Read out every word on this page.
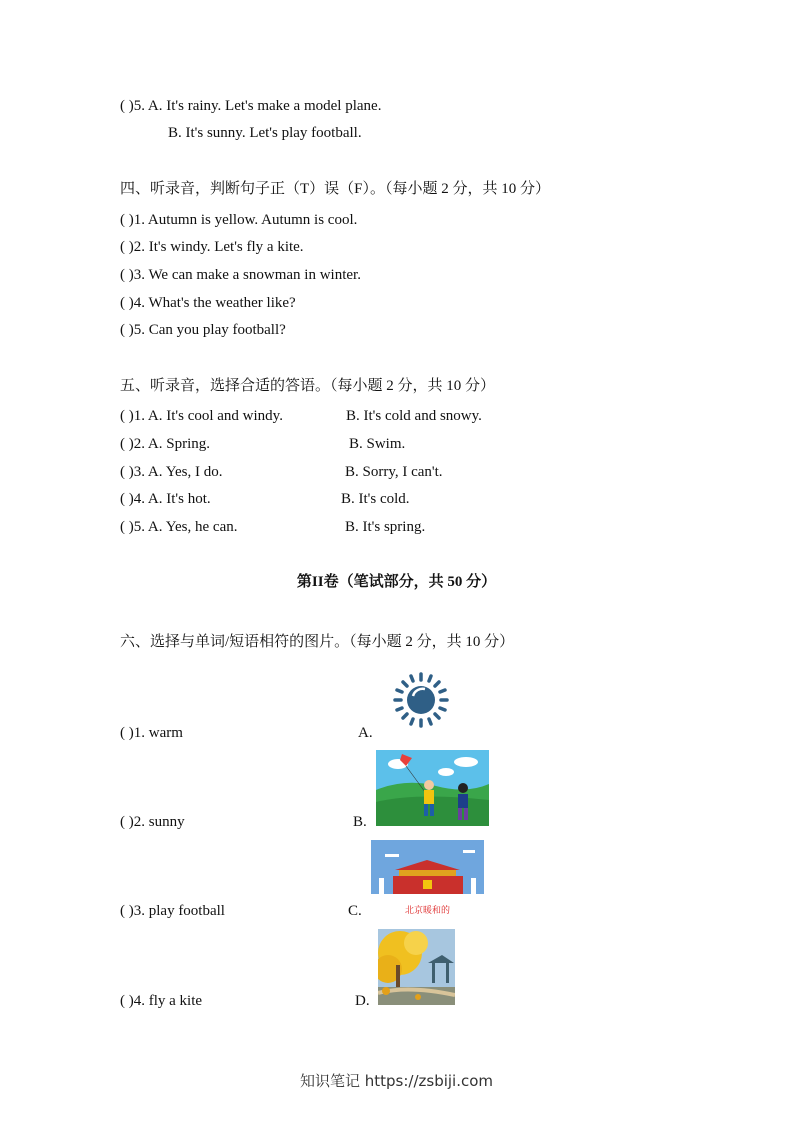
( )5. A. It's rainy. Let's make a model plane.
B. It's sunny. Let's play football.
四、听录音，判断句子正（T）误（F）。（每小题 2 分，共 10 分）
( )1. Autumn is yellow. Autumn is cool.
( )2. It's windy. Let's fly a kite.
( )3. We can make a snowman in winter.
( )4. What's the weather like?
( )5. Can you play football?
五、听录音，选择合适的答语。（每小题 2 分，共 10 分）
( )1. A. It's cool and windy.	B. It's cold and snowy.
( )2. A. Spring.	B. Swim.
( )3. A. Yes, I do.	B. Sorry, I can't.
( )4. A. It's hot.	B. It's cold.
( )5. A. Yes, he can.	B. It's spring.
第II卷（笔试部分，共 50 分）
六、选择与单词/短语相符的图片。（每小题 2 分，共 10 分）
( )1. warm	A.
( )2. sunny	B.
( )3. play football	C.
( )4. fly a kite	D.
北京暖和的
知识笔记 https://zsbiji.com
